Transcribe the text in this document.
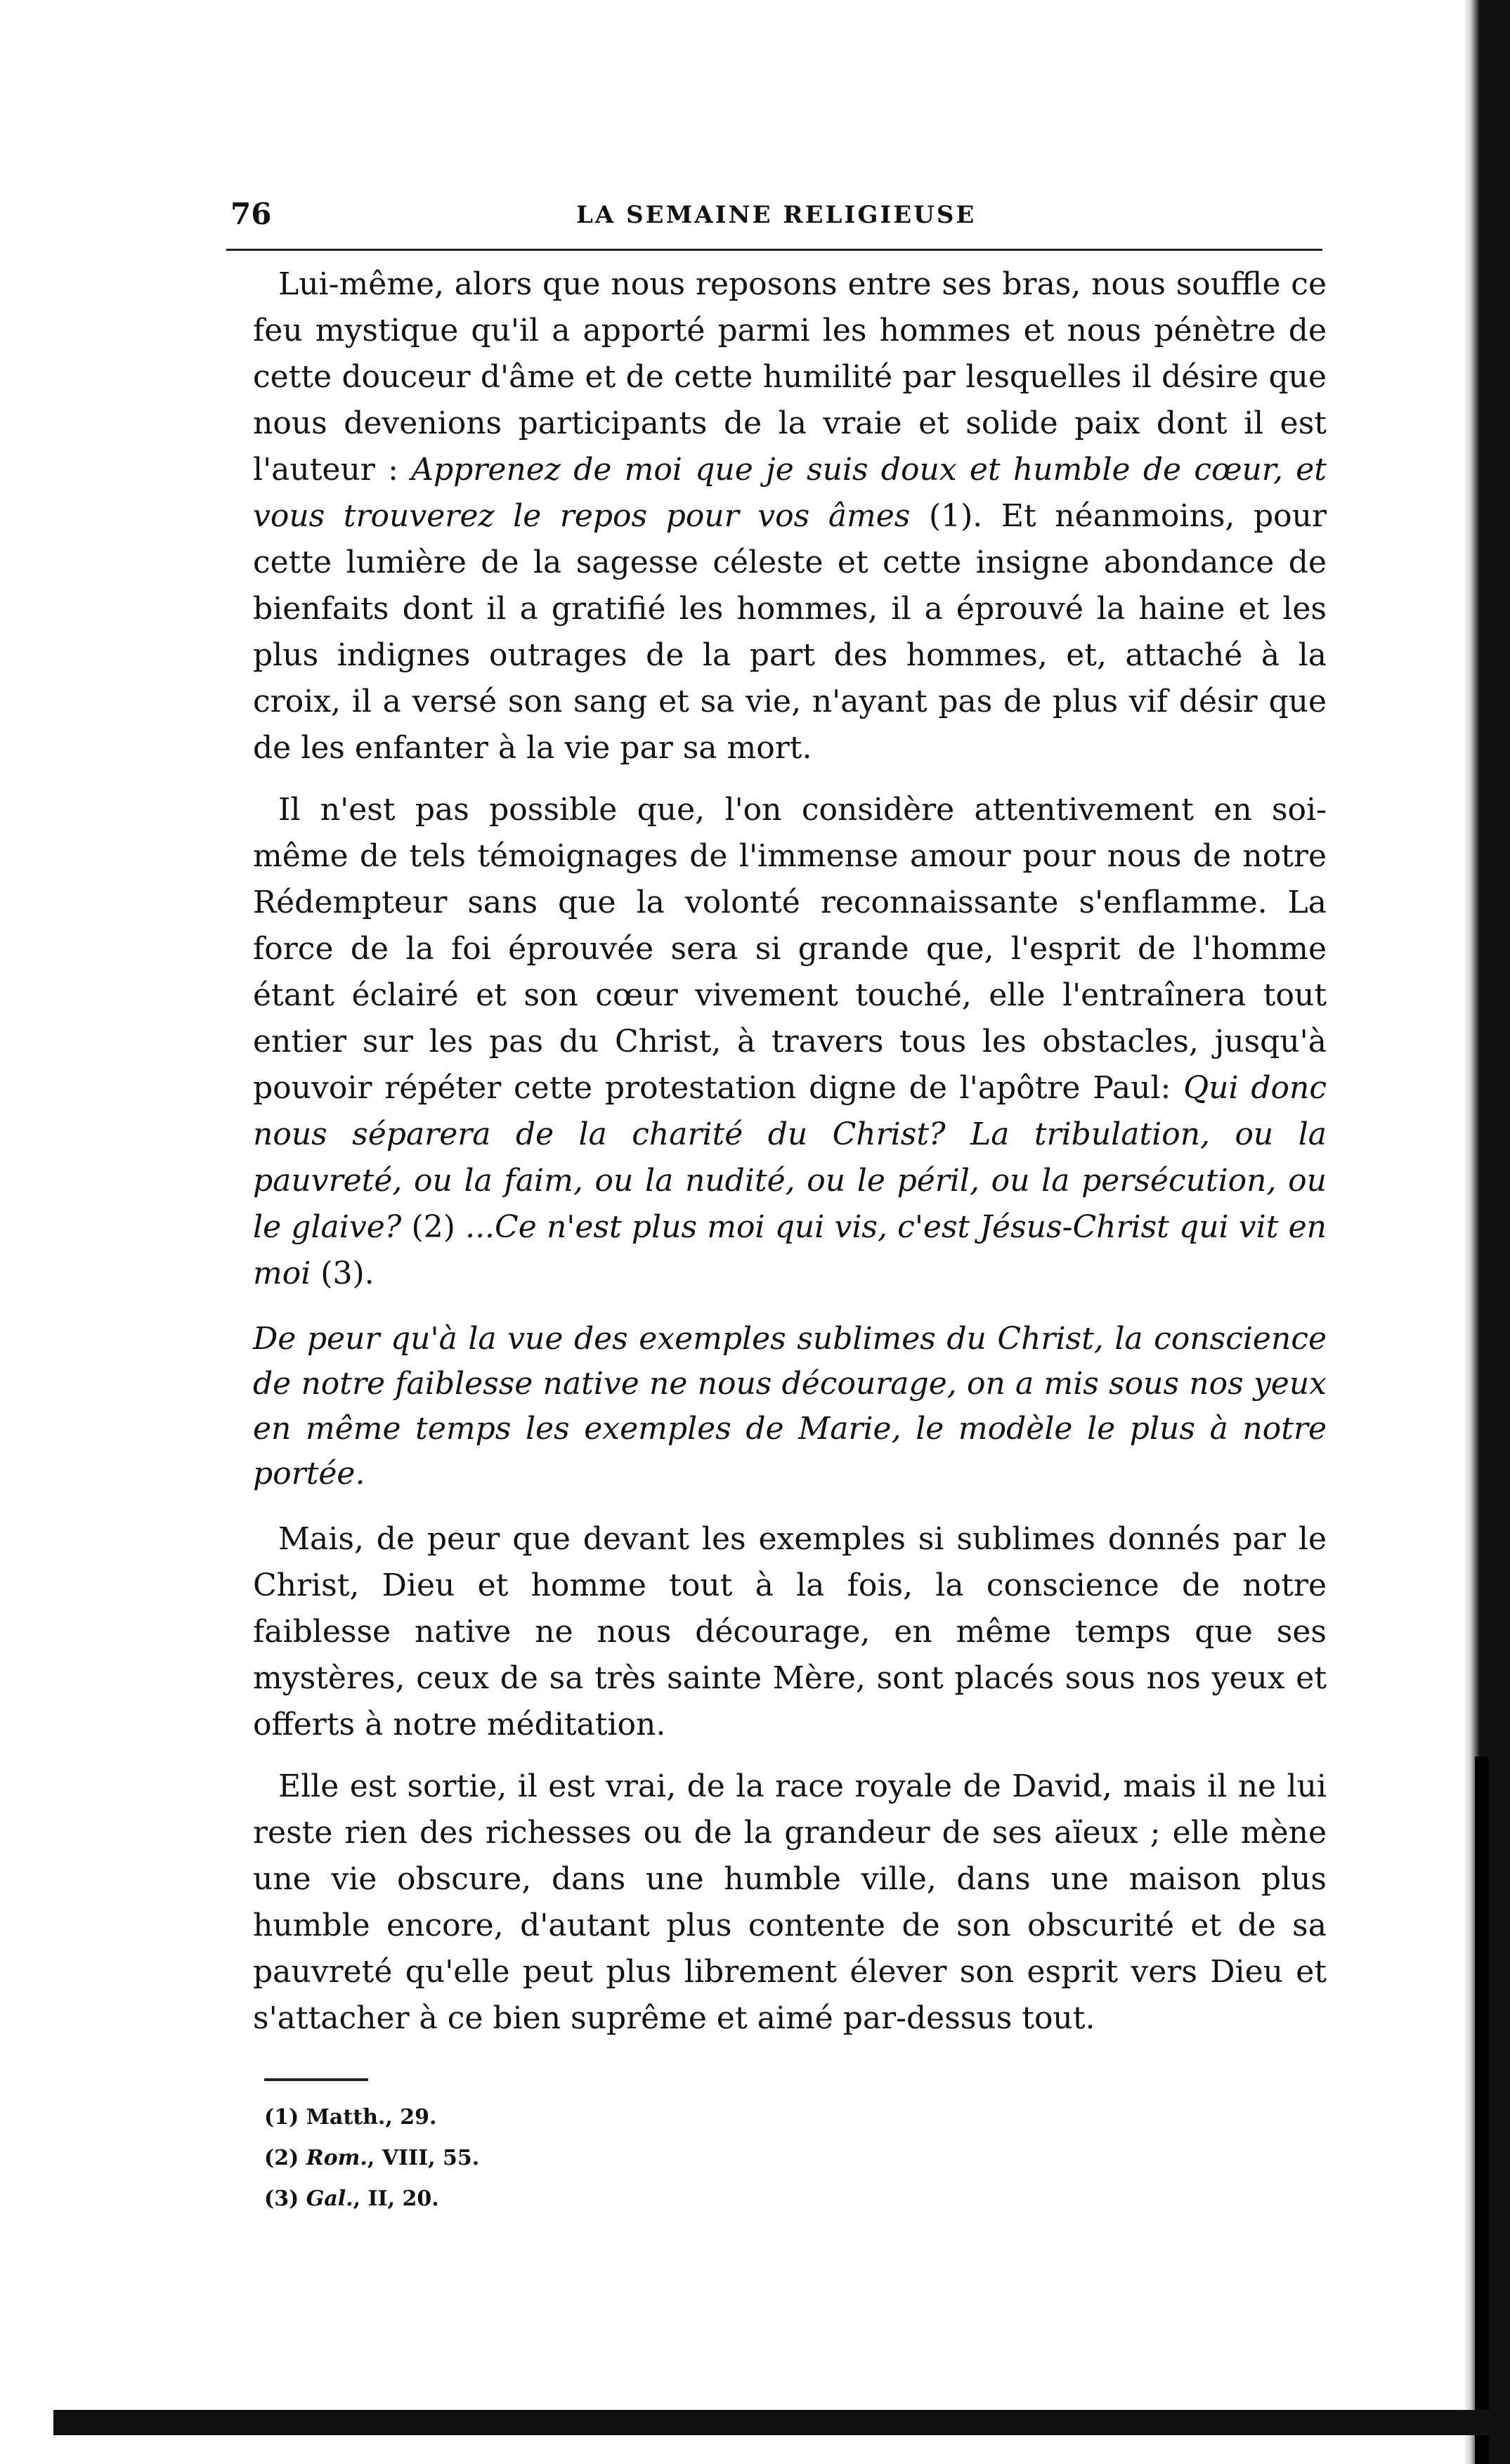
76	LA SEMAINE RELIGIEUSE

Lui-même, alors que nous reposons entre ses bras, nous souffle ce feu mystique qu'il a apporté parmi les hommes et nous pénètre de cette douceur d'âme et de cette humilité par lesquelles il désire que nous devenions participants de la vraie et solide paix dont il est l'auteur : Apprenez de moi que je suis doux et humble de cœur, et vous trouverez le repos pour vos âmes (1). Et néanmoins, pour cette lumière de la sagesse céleste et cette insigne abondance de bienfaits dont il a gratifié les hommes, il a éprouvé la haine et les plus indignes outrages de la part des hommes, et, attaché à la croix, il a versé son sang et sa vie, n'ayant pas de plus vif désir que de les enfanter à la vie par sa mort.

Il n'est pas possible que, l'on considère attentivement en soi-même de tels témoignages de l'immense amour pour nous de notre Rédempteur sans que la volonté reconnaissante s'enflamme. La force de la foi éprouvée sera si grande que, l'esprit de l'homme étant éclairé et son cœur vivement touché, elle l'entraînera tout entier sur les pas du Christ, à travers tous les obstacles, jusqu'à pouvoir répéter cette protestation digne de l'apôtre Paul: Qui donc nous séparera de la charité du Christ? La tribulation, ou la pauvreté, ou la faim, ou la nudité, ou le péril, ou la persécution, ou le glaive? (2) ...Ce n'est plus moi qui vis, c'est Jésus-Christ qui vit en moi (3).

De peur qu'à la vue des exemples sublimes du Christ, la conscience de notre faiblesse native ne nous décourage, on a mis sous nos yeux en même temps les exemples de Marie, le modèle le plus à notre portée.

Mais, de peur que devant les exemples si sublimes donnés par le Christ, Dieu et homme tout à la fois, la conscience de notre faiblesse native ne nous décourage, en même temps que ses mystères, ceux de sa très sainte Mère, sont placés sous nos yeux et offerts à notre méditation.

Elle est sortie, il est vrai, de la race royale de David, mais il ne lui reste rien des richesses ou de la grandeur de ses aïeux ; elle mène une vie obscure, dans une humble ville, dans une maison plus humble encore, d'autant plus contente de son obscurité et de sa pauvreté qu'elle peut plus librement élever son esprit vers Dieu et s'attacher à ce bien suprême et aimé par-dessus tout.

(1) Matth., 29.
(2) Rom., VIII, 55.
(3) Gal., II, 20.
